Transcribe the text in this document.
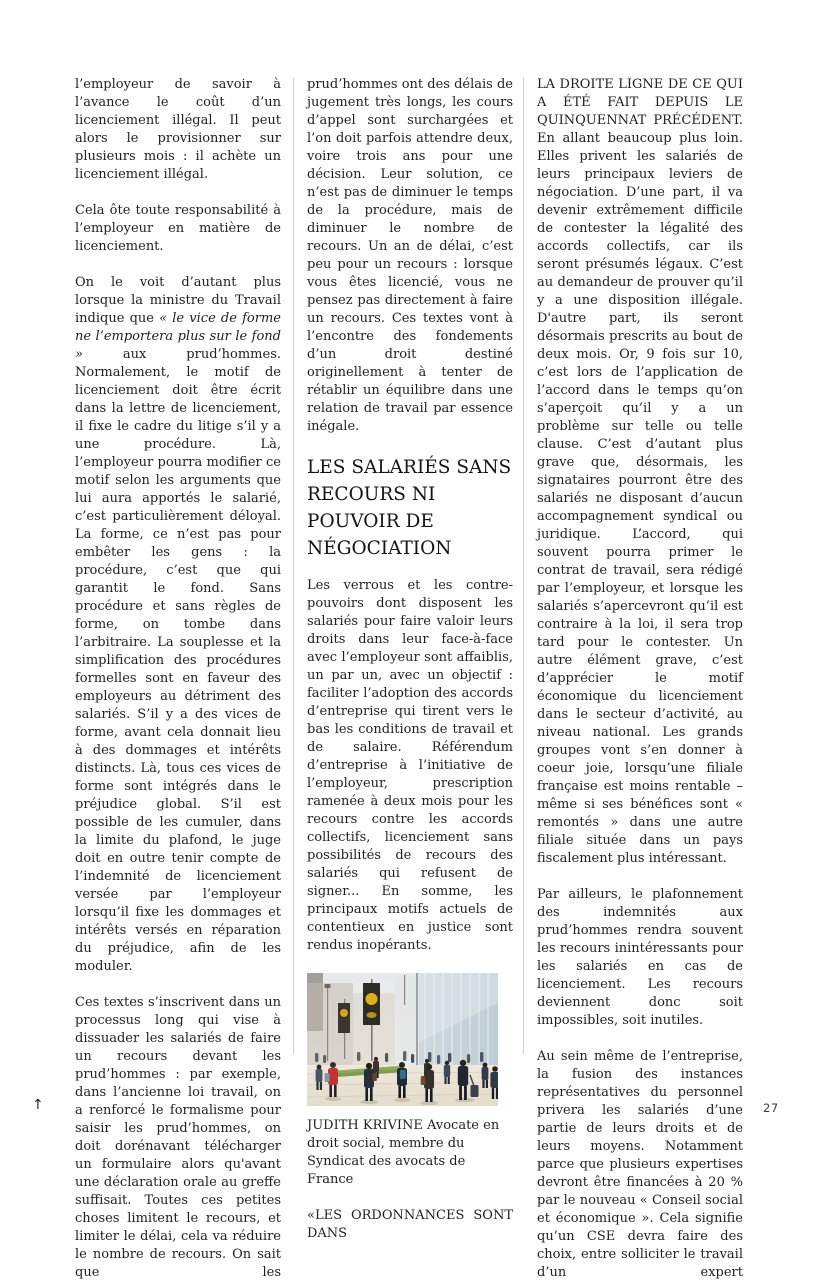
l’employeur de savoir à l’avance le coût d’un licenciement illégal. Il peut alors le provisionner sur plusieurs mois : il achète un licenciement illégal.

Cela ôte toute responsabilité à l’employeur en matière de licenciement.

On le voit d’autant plus lorsque la ministre du Travail indique que « le vice de forme ne l’emportera plus sur le fond » aux prud’hommes. Normalement, le motif de licenciement doit être écrit dans la lettre de licenciement, il fixe le cadre du litige s’il y a une procédure. Là, l’employeur pourra modifier ce motif selon les arguments que lui aura apportés le salarié, c’est particulièrement déloyal. La forme, ce n’est pas pour embêter les gens : la procédure, c’est que qui garantit le fond. Sans procédure et sans règles de forme, on tombe dans l’arbitraire. La souplesse et la simplification des procédures formelles sont en faveur des employeurs au détriment des salariés. S’il y a des vices de forme, avant cela donnait lieu à des dommages et intérêts distincts. Là, tous ces vices de forme sont intégrés dans le préjudice global. S’il est possible de les cumuler, dans la limite du plafond, le juge doit en outre tenir compte de l’indemnité de licenciement versée par l’employeur lorsqu’il fixe les dommages et intérêts versés en réparation du préjudice, afin de les moduler.

Ces textes s’inscrivent dans un processus long qui vise à dissuader les salariés de faire un recours devant les prud’hommes : par exemple, dans l’ancienne loi travail, on a renforcé le formalisme pour saisir les prud’hommes, on doit dorénavant télécharger un formulaire alors qu'avant une déclaration orale au greffe suffisait. Toutes ces petites choses limitent le recours, et limiter le délai, cela va réduire le nombre de recours. On sait que les

prud’hommes ont des délais de jugement très longs, les cours d’appel sont surchargées et l’on doit parfois attendre deux, voire trois ans pour une décision. Leur solution, ce n’est pas de diminuer le temps de la procédure, mais de diminuer le nombre de recours. Un an de délai, c’est peu pour un recours : lorsque vous êtes licencié, vous ne pensez pas directement à faire un recours. Ces textes vont à l’encontre des fondements d’un droit destiné originellement à tenter de rétablir un équilibre dans une relation de travail par essence inégale.

LES SALARIÉS SANS RECOURS NI POUVOIR DE NÉGOCIATION

Les verrous et les contre-pouvoirs dont disposent les salariés pour faire valoir leurs droits dans leur face-à-face avec l’employeur sont affaiblis, un par un, avec un objectif : faciliter l’adoption des accords d’entreprise qui tirent vers le bas les conditions de travail et de salaire. Référendum d’entreprise à l’initiative de l’employeur, prescription ramenée à deux mois pour les recours contre les accords collectifs, licenciement sans possibilités de recours des salariés qui refusent de signer... En somme, les principaux motifs actuels de contentieux en justice sont rendus inopérants.

JUDITH KRIVINE Avocate en droit social, membre du Syndicat des avocats de France

«LES ORDONNANCES SONT DANS

LA DROITE LIGNE DE CE QUI A ÉTÉ FAIT DEPUIS LE QUINQUENNAT PRÉCÉDENT. En allant beaucoup plus loin. Elles privent les salariés de leurs principaux leviers de négociation. D’une part, il va devenir extrêmement difficile de contester la légalité des accords collectifs, car ils seront présumés légaux. C’est au demandeur de prouver qu’il y a une disposition illégale. D'autre part, ils seront désormais prescrits au bout de deux mois. Or, 9 fois sur 10, c’est lors de l’application de l’accord dans le temps qu’on s’aperçoit qu’il y a un problème sur telle ou telle clause. C’est d’autant plus grave que, désormais, les signataires pourront être des salariés ne disposant d’aucun accompagnement syndical ou juridique. L’accord, qui souvent pourra primer le contrat de travail, sera rédigé par l’employeur, et lorsque les salariés s’apercevront qu’il est contraire à la loi, il sera trop tard pour le contester. Un autre élément grave, c’est d’apprécier le motif économique du licenciement dans le secteur d’activité, au niveau national. Les grands groupes vont s’en donner à coeur joie, lorsqu’une filiale française est moins rentable – même si ses bénéfices sont « remontés » dans une autre filiale située dans un pays fiscalement plus intéressant.

Par ailleurs, le plafonnement des indemnités aux prud’hommes rendra souvent les recours inintéressants pour les salariés en cas de licenciement. Les recours deviennent donc soit impossibles, soit inutiles.

Au sein même de l’entreprise, la fusion des instances représentatives du personnel privera les salariés d’une partie de leurs droits et de leurs moyens. Notamment parce que plusieurs expertises devront être financées à 20 % par le nouveau « Conseil social et économique ». Cela signifie qu’un CSE devra faire des choix, entre solliciter le travail d’un expert

↑	27
